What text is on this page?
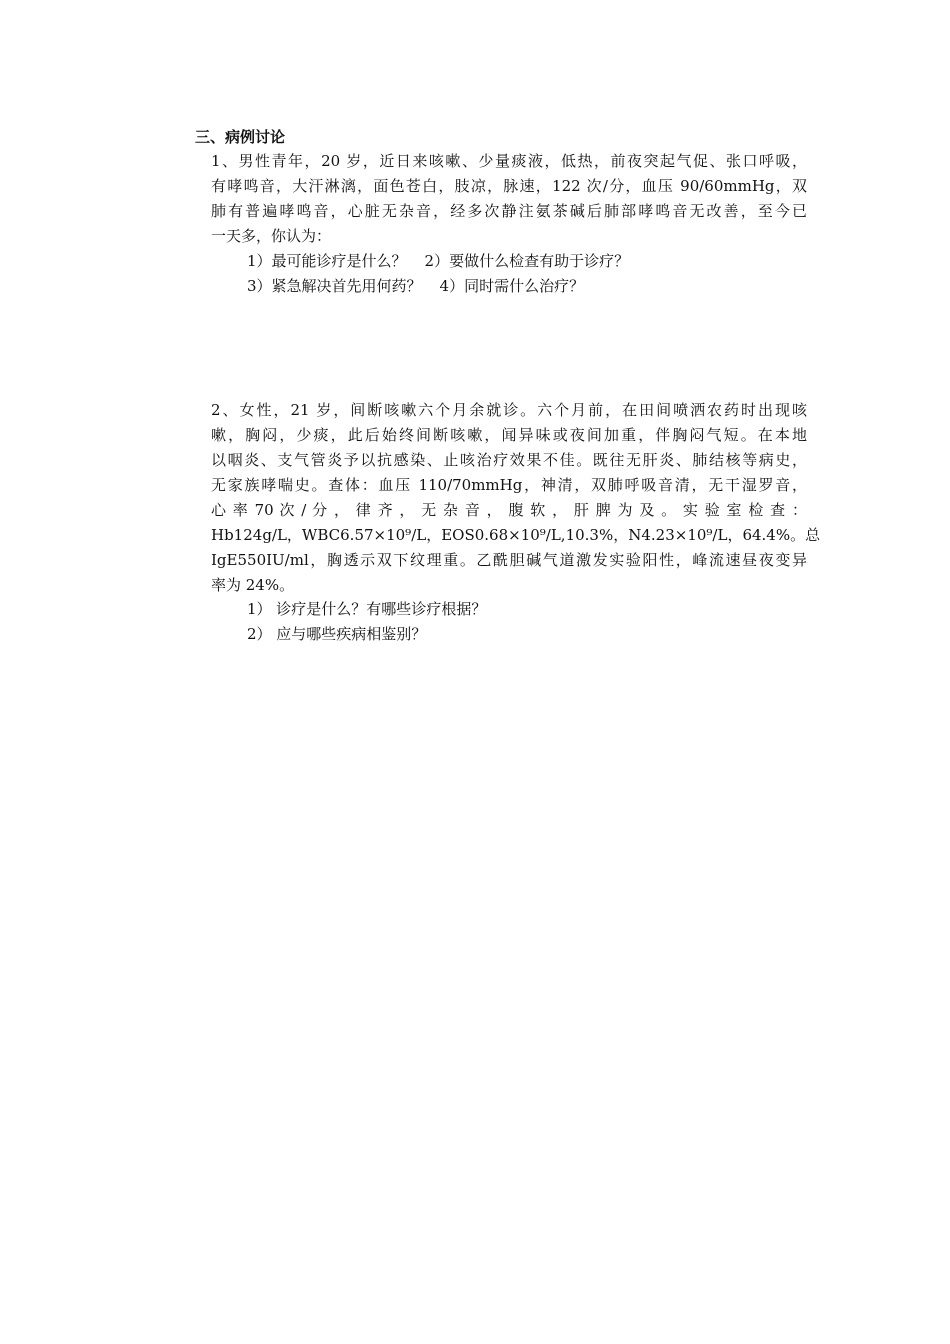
三、病例讨论
1、男性青年，20 岁，近日来咳嗽、少量痰液，低热，前夜突起气促、张口呼吸，
有哮鸣音，大汗淋漓，面色苍白，肢凉，脉速，122 次/分，血压 90/60mmHg，双
肺有普遍哮鸣音，心脏无杂音，经多次静注氨茶碱后肺部哮鸣音无改善，至今已
一天多，你认为：
1）最可能诊疗是什么？ 2）要做什么检查有助于诊疗？
3）紧急解决首先用何药？ 4）同时需什么治疗？
2、女性，21 岁，间断咳嗽六个月余就诊。六个月前，在田间喷洒农药时出现咳
嗽，胸闷，少痰，此后始终间断咳嗽，闻异味或夜间加重，伴胸闷气短。在本地
以咽炎、支气管炎予以抗感染、止咳治疗效果不佳。既往无肝炎、肺结核等病史，
无家族哮喘史。查体：血压 110/70mmHg，神清，双肺呼吸音清，无干湿罗音，
心 率 70 次 / 分 ， 律 齐 ， 无 杂 音 ， 腹 软 ， 肝 脾 为 及 。 实 验 室 检 查 ：
Hb124g/L，WBC6.57×10⁹/L，EOS0.68×10⁹/L,10.3%，N4.23×10⁹/L，64.4%。总
IgE550IU/ml，胸透示双下纹理重。乙酰胆碱气道激发实验阳性，峰流速昼夜变异
率为 24%。
1） 诊疗是什么？有哪些诊疗根据？
2） 应与哪些疾病相鉴别？
